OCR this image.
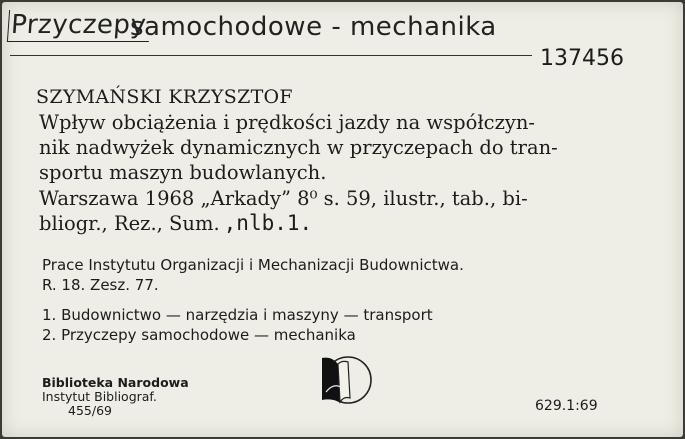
Przyczepy
samochodowe - mechanika
137456
SZYMAŃSKI KRZYSZTOF
Wpływ obciążenia i prędkości jazdy na współczyn-
nik nadwyżek dynamicznych w przyczepach do tran-
sportu maszyn budowlanych.
Warszawa 1968 „Arkady” 8⁰ s. 59, ilustr., tab., bi-
bliogr., Rez., Sum. ,nlb.1.
Prace Instytutu Organizacji i Mechanizacji Budownictwa.
R. 18. Zesz. 77.
1. Budownictwo — narzędzia i maszyny — transport
2. Przyczepy samochodowe — mechanika
Biblioteka Narodowa
Instytut Bibliograf.
455/69	629.1:69
